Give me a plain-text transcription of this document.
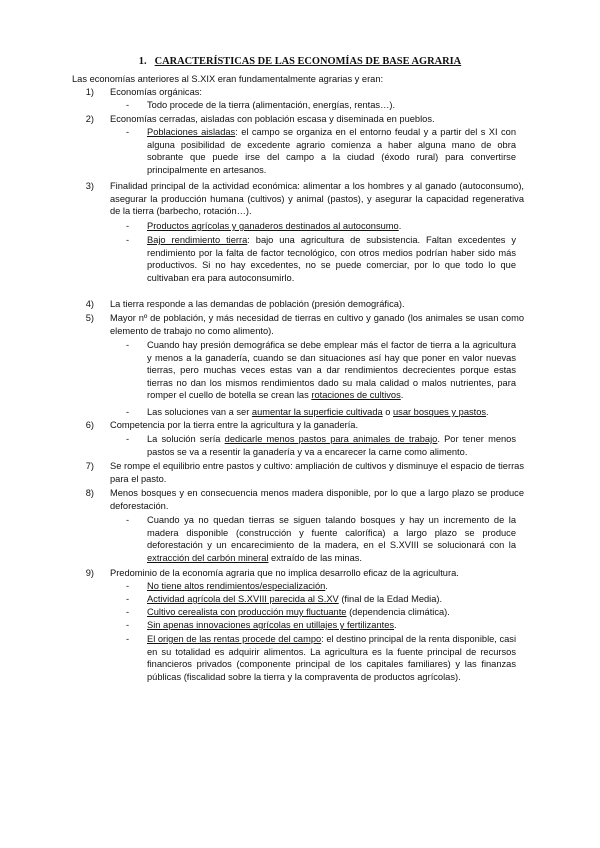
1. CARACTERÍSTICAS DE LAS ECONOMÍAS DE BASE AGRARIA
Las economías anteriores al S.XIX eran fundamentalmente agrarias y eran:
1) Economías orgánicas:
- Todo procede de la tierra (alimentación, energías, rentas…).
2) Economías cerradas, aisladas con población escasa y diseminada en pueblos.
- Poblaciones aisladas: el campo se organiza en el entorno feudal y a partir del s XI con alguna posibilidad de excedente agrario comienza a haber alguna mano de obra sobrante que puede irse del campo a la ciudad (éxodo rural) para convertirse principalmente en artesanos.
3) Finalidad principal de la actividad económica: alimentar a los hombres y al ganado (autoconsumo), asegurar la producción humana (cultivos) y animal (pastos), y asegurar la capacidad regenerativa de la tierra (barbecho, rotación…).
- Productos agrícolas y ganaderos destinados al autoconsumo.
- Bajo rendimiento tierra: bajo una agricultura de subsistencia. Faltan excedentes y rendimiento por la falta de factor tecnológico, con otros medios podrían haber sido más productivos. Si no hay excedentes, no se puede comerciar, por lo que todo lo que cultivaban era para autoconsumirlo.
4) La tierra responde a las demandas de población (presión demográfica).
5) Mayor nº de población, y más necesidad de tierras en cultivo y ganado (los animales se usan como elemento de trabajo no como alimento).
- Cuando hay presión demográfica se debe emplear más el factor de tierra a la agricultura y menos a la ganadería, cuando se dan situaciones así hay que poner en valor nuevas tierras, pero muchas veces estas van a dar rendimientos decrecientes porque estas tierras no dan los mismos rendimientos dado su mala calidad o malos nutrientes, para romper el cuello de botella se crean las rotaciones de cultivos.
- Las soluciones van a ser aumentar la superficie cultivada o usar bosques y pastos.
6) Competencia por la tierra entre la agricultura y la ganadería.
- La solución sería dedicarle menos pastos para animales de trabajo. Por tener menos pastos se va a resentir la ganadería y va a encarecer la carne como alimento.
7) Se rompe el equilibrio entre pastos y cultivo: ampliación de cultivos y disminuye el espacio de tierras para el pasto.
8) Menos bosques y en consecuencia menos madera disponible, por lo que a largo plazo se produce deforestación.
- Cuando ya no quedan tierras se siguen talando bosques y hay un incremento de la madera disponible (construcción y fuente calorífica) a largo plazo se produce deforestación y un encarecimiento de la madera, en el S.XVIII se solucionará con la extracción del carbón mineral extraído de las minas.
9) Predominio de la economía agraria que no implica desarrollo eficaz de la agricultura.
- No tiene altos rendimientos/especialización.
- Actividad agrícola del S.XVIII parecida al S.XV (final de la Edad Media).
- Cultivo cerealista con producción muy fluctuante (dependencia climática).
- Sin apenas innovaciones agrícolas en utillajes y fertilizantes.
- El origen de las rentas procede del campo: el destino principal de la renta disponible, casi en su totalidad es adquirir alimentos. La agricultura es la fuente principal de recursos financieros privados (componente principal de los capitales familiares) y las finanzas públicas (fiscalidad sobre la tierra y la compraventa de productos agrícolas).
